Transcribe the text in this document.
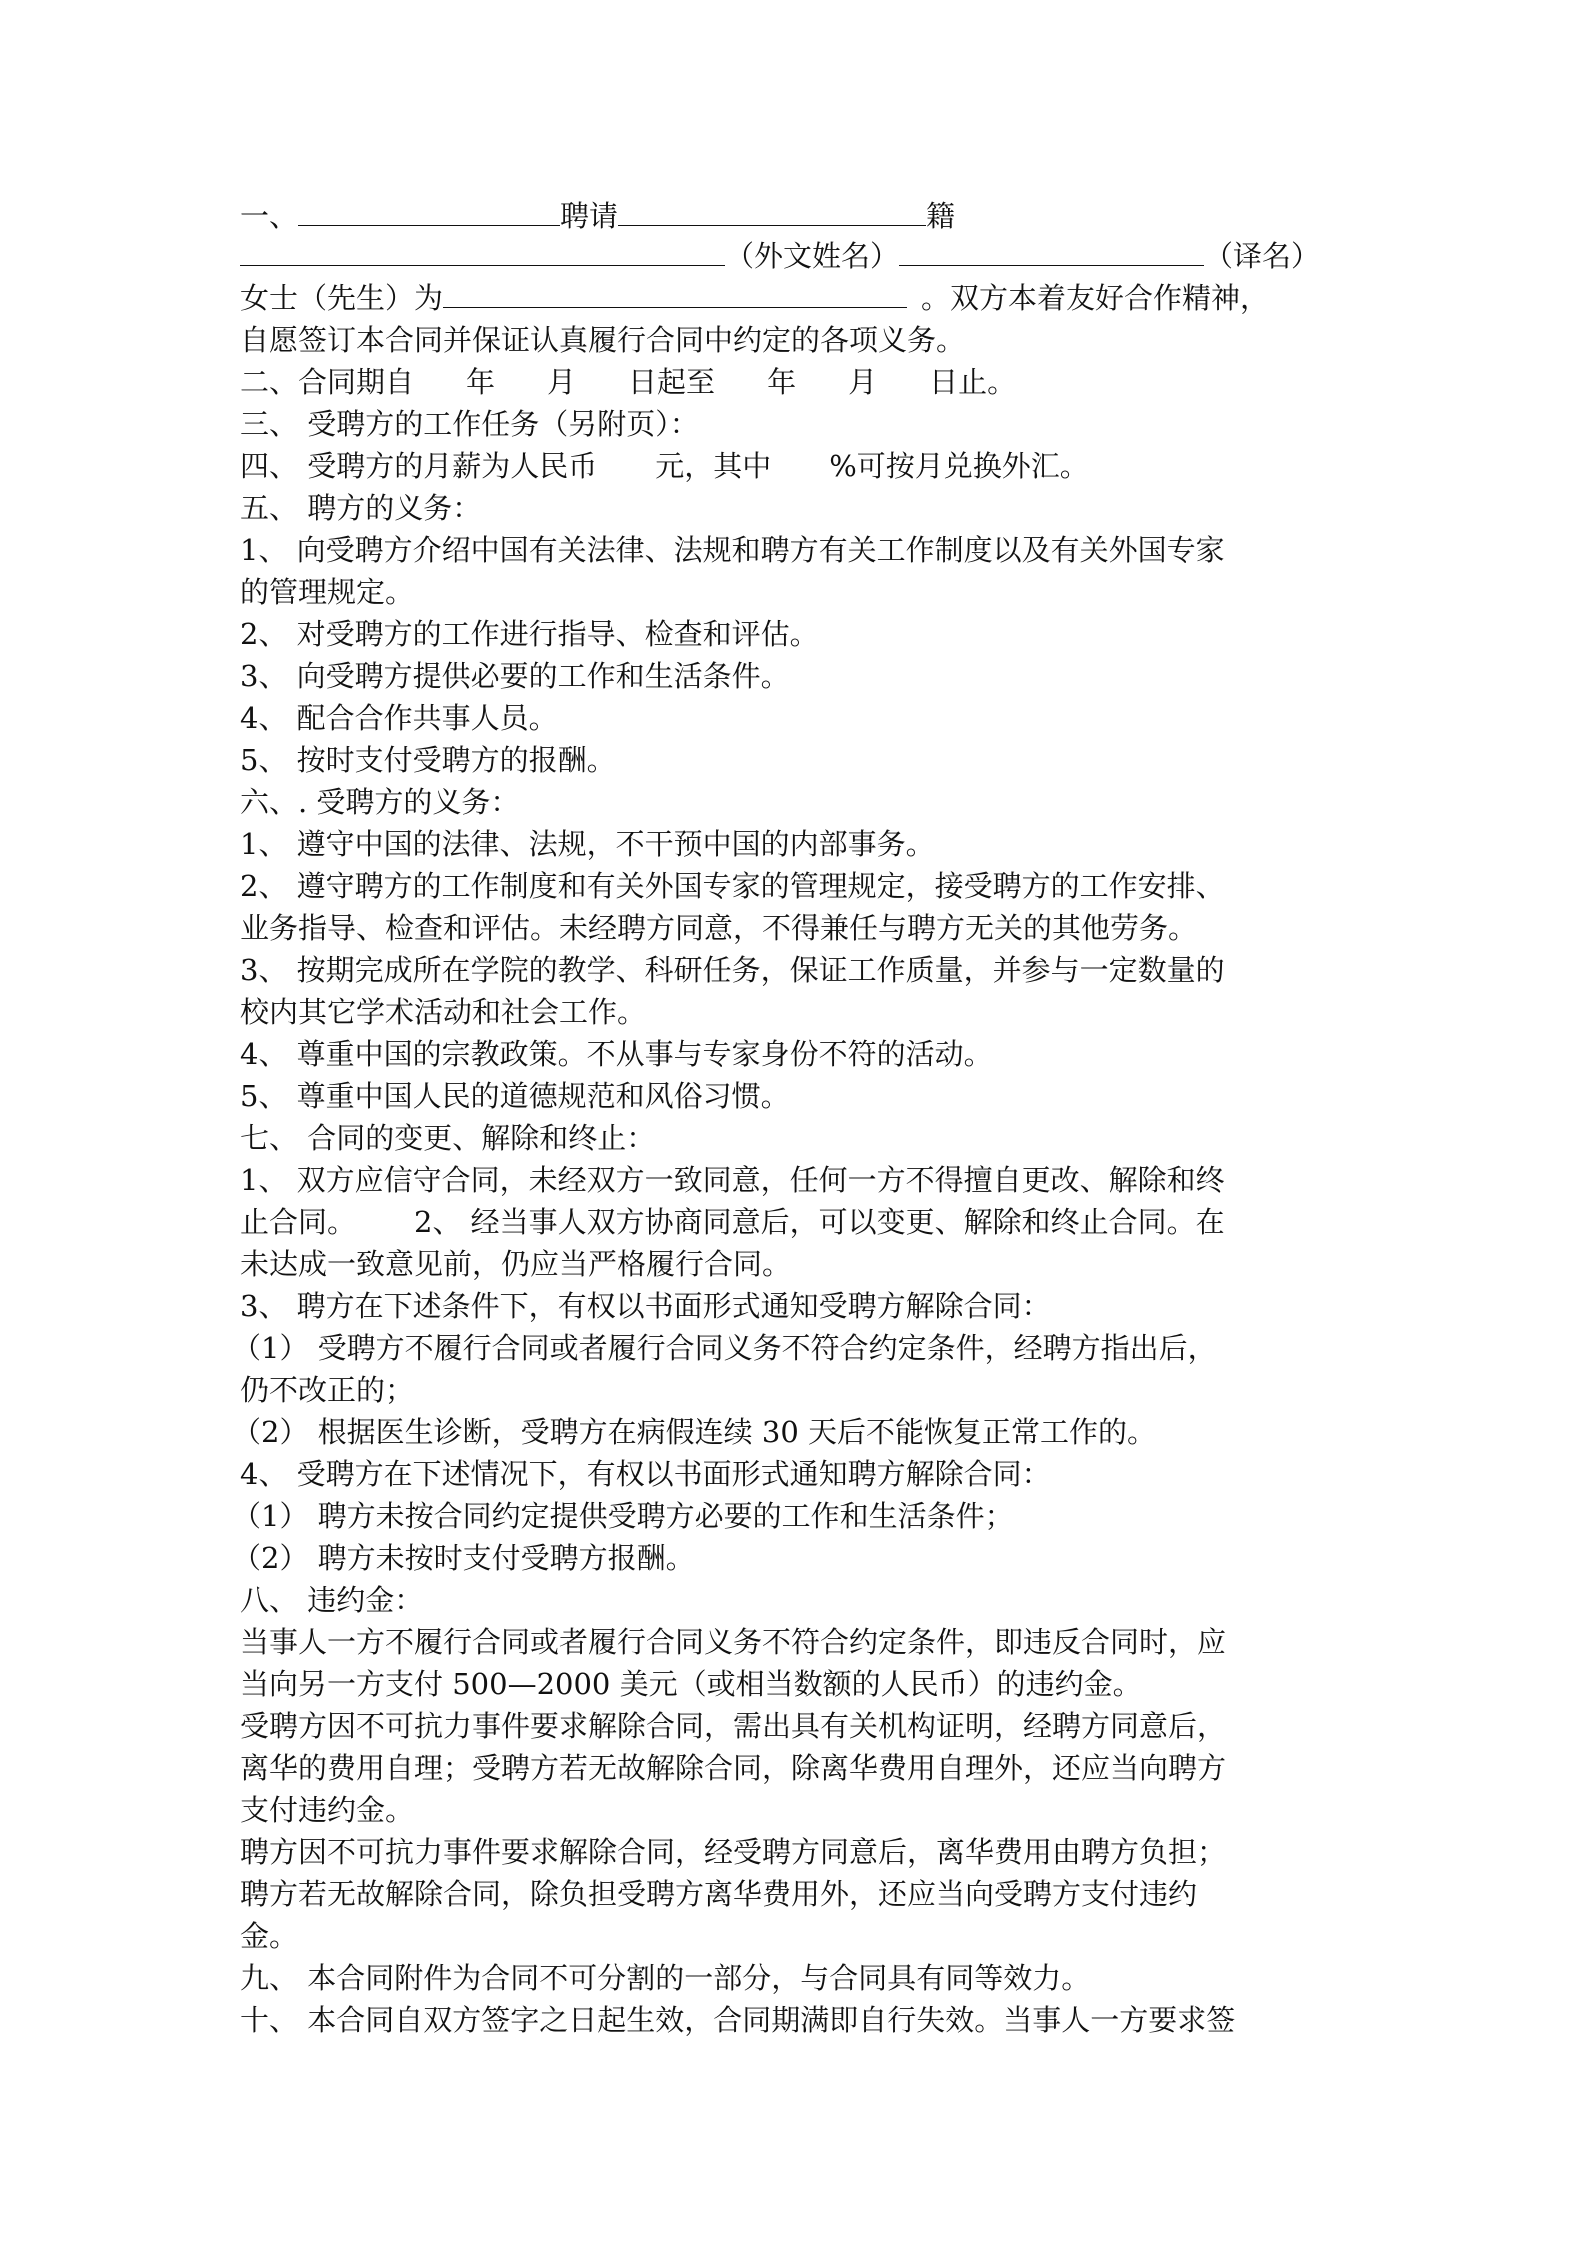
一、	聘请	籍
（外文姓名）	（译名）
女士（先生）为	。双方本着友好合作精神，
自愿签订本合同并保证认真履行合同中约定的各项义务。
二、合同期自 年 月 日起至 年 月 日止。
三、 受聘方的工作任务（另附页）：
四、 受聘方的月薪为人民币 元，其中 %可按月兑换外汇。
五、 聘方的义务：
1、 向受聘方介绍中国有关法律、法规和聘方有关工作制度以及有关外国专家
的管理规定。
2、 对受聘方的工作进行指导、检查和评估。
3、 向受聘方提供必要的工作和生活条件。
4、 配合合作共事人员。
5、 按时支付受聘方的报酬。
六、. 受聘方的义务：
1、 遵守中国的法律、法规，不干预中国的内部事务。
2、 遵守聘方的工作制度和有关外国专家的管理规定，接受聘方的工作安排、
业务指导、检查和评估。未经聘方同意，不得兼任与聘方无关的其他劳务。
3、 按期完成所在学院的教学、科研任务，保证工作质量，并参与一定数量的
校内其它学术活动和社会工作。
4、 尊重中国的宗教政策。不从事与专家身份不符的活动。
5、 尊重中国人民的道德规范和风俗习惯。
七、 合同的变更、解除和终止：
1、 双方应信守合同，未经双方一致同意，任何一方不得擅自更改、解除和终
止合同。 2、 经当事人双方协商同意后，可以变更、解除和终止合同。在
未达成一致意见前，仍应当严格履行合同。
3、 聘方在下述条件下，有权以书面形式通知受聘方解除合同：
（1） 受聘方不履行合同或者履行合同义务不符合约定条件，经聘方指出后，
仍不改正的；
（2） 根据医生诊断，受聘方在病假连续 30 天后不能恢复正常工作的。
4、 受聘方在下述情况下，有权以书面形式通知聘方解除合同：
（1） 聘方未按合同约定提供受聘方必要的工作和生活条件；
（2） 聘方未按时支付受聘方报酬。
八、 违约金：
当事人一方不履行合同或者履行合同义务不符合约定条件，即违反合同时，应
当向另一方支付 500—2000 美元（或相当数额的人民币）的违约金。
受聘方因不可抗力事件要求解除合同，需出具有关机构证明，经聘方同意后，
离华的费用自理；受聘方若无故解除合同，除离华费用自理外，还应当向聘方
支付违约金。
聘方因不可抗力事件要求解除合同，经受聘方同意后，离华费用由聘方负担；
聘方若无故解除合同，除负担受聘方离华费用外，还应当向受聘方支付违约
金。
九、 本合同附件为合同不可分割的一部分，与合同具有同等效力。
十、 本合同自双方签字之日起生效，合同期满即自行失效。当事人一方要求签
